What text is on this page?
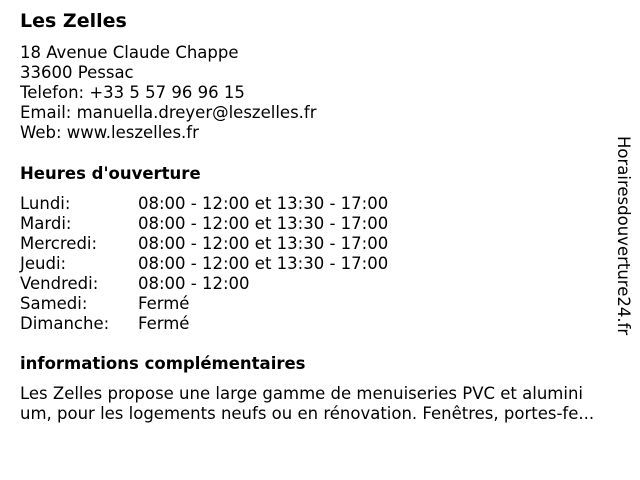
Les Zelles
18 Avenue Claude Chappe
33600 Pessac
Telefon: +33 5 57 96 96 15
Email: manuella.dreyer@leszelles.fr
Web: www.leszelles.fr
Heures d'ouverture
Lundi:	08:00 - 12:00 et 13:30 - 17:00
Mardi:	08:00 - 12:00 et 13:30 - 17:00
Mercredi:	08:00 - 12:00 et 13:30 - 17:00
Jeudi:	08:00 - 12:00 et 13:30 - 17:00
Vendredi:	08:00 - 12:00
Samedi:	Fermé
Dimanche:	Fermé
informations complémentaires
Les Zelles propose une large gamme de menuiseries PVC et alumini
um, pour les logements neufs ou en rénovation. Fenêtres, portes-fe...
Horairesdouverture24.fr
